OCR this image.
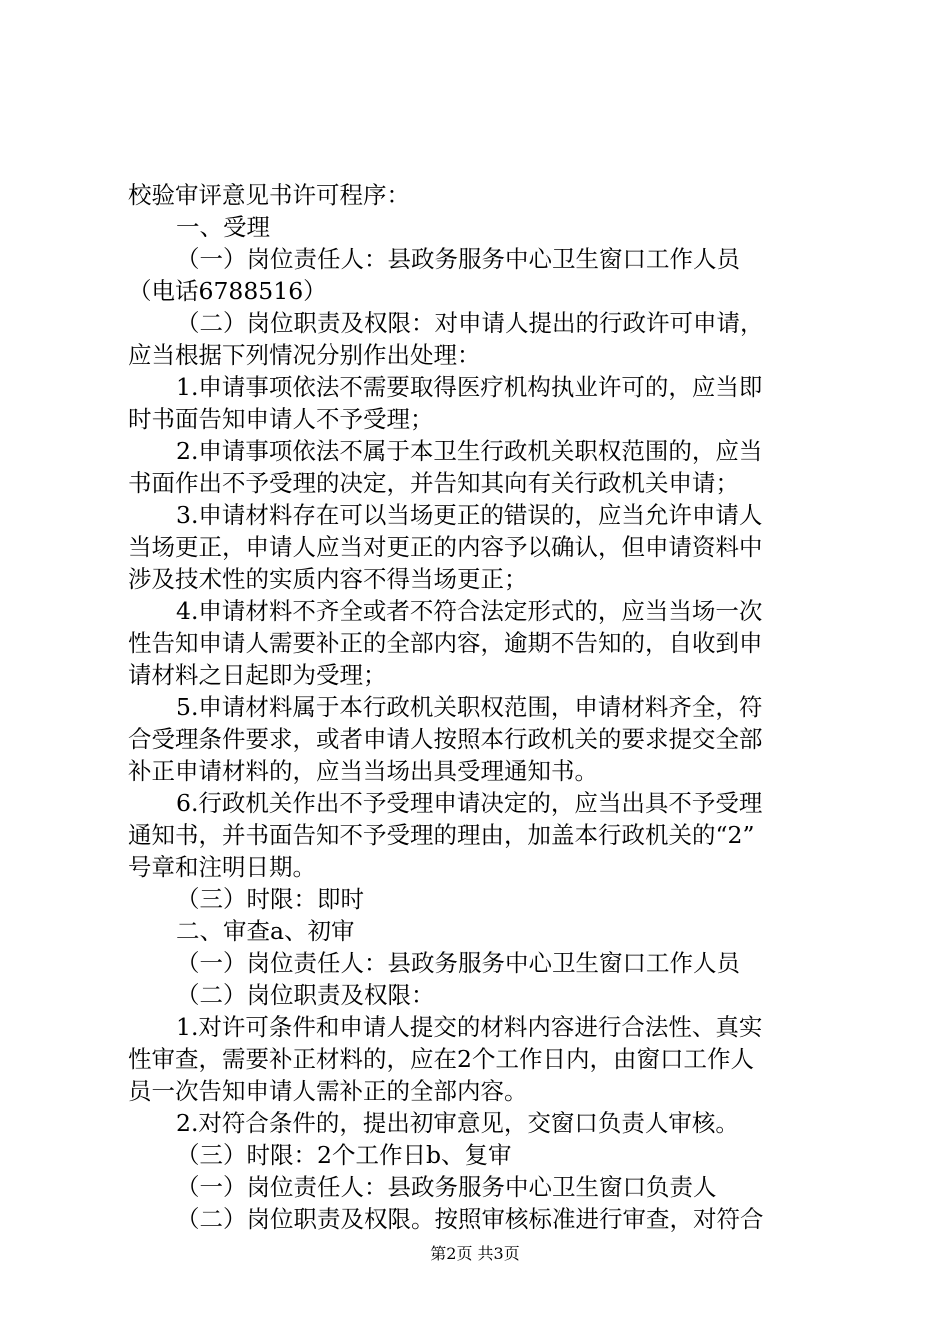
校验审评意见书许可程序：
一、受理
（一）岗位责任人：县政务服务中心卫生窗口工作人员
（电话6788516）
（二）岗位职责及权限：对申请人提出的行政许可申请，
应当根据下列情况分别作出处理：
1.申请事项依法不需要取得医疗机构执业许可的，应当即
时书面告知申请人不予受理；
2.申请事项依法不属于本卫生行政机关职权范围的，应当
书面作出不予受理的决定，并告知其向有关行政机关申请；
3.申请材料存在可以当场更正的错误的，应当允许申请人
当场更正，申请人应当对更正的内容予以确认，但申请资料中
涉及技术性的实质内容不得当场更正；
4.申请材料不齐全或者不符合法定形式的，应当当场一次
性告知申请人需要补正的全部内容，逾期不告知的，自收到申
请材料之日起即为受理；
5.申请材料属于本行政机关职权范围，申请材料齐全，符
合受理条件要求，或者申请人按照本行政机关的要求提交全部
补正申请材料的，应当当场出具受理通知书。
6.行政机关作出不予受理申请决定的，应当出具不予受理
通知书，并书面告知不予受理的理由，加盖本行政机关的“2”
号章和注明日期。
（三）时限：即时
二、审查a、初审
（一）岗位责任人：县政务服务中心卫生窗口工作人员
（二）岗位职责及权限：
1.对许可条件和申请人提交的材料内容进行合法性、真实
性审查，需要补正材料的，应在2个工作日内，由窗口工作人
员一次告知申请人需补正的全部内容。
2.对符合条件的，提出初审意见，交窗口负责人审核。
（三）时限：2个工作日b、复审
（一）岗位责任人：县政务服务中心卫生窗口负责人
（二）岗位职责及权限。按照审核标准进行审查，对符合
第2页 共3页
